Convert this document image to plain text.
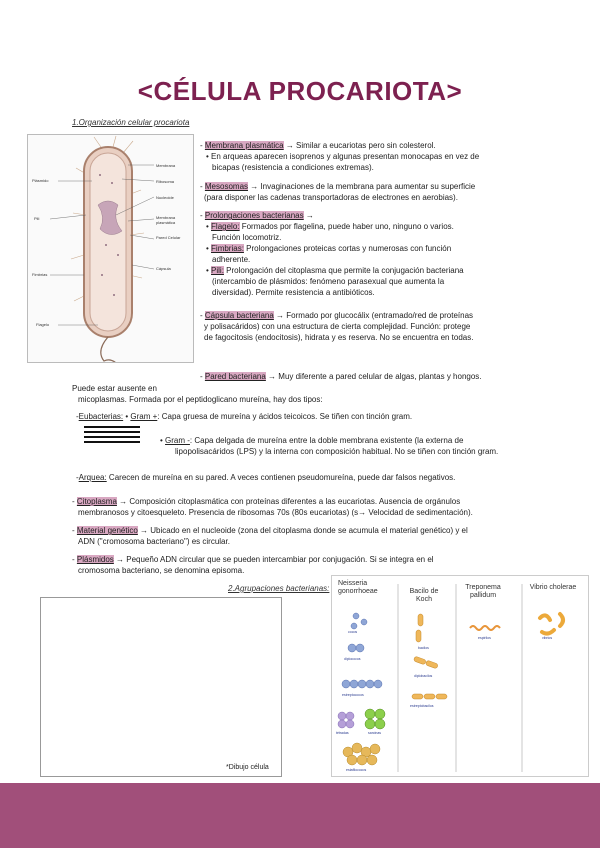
<CÉLULA PROCARIOTA>
1.Organización celular procariota
Membrana
Ribosoma
Nucleoide
Membrana plasmática
Pared Celular
Cápsula
Plásmido
Pili
Fimbrias
Flagelo
- Membrana plasmática → Similar a eucariotas pero sin colesterol.
• En arqueas aparecen isoprenos y algunas presentan monocapas en vez de
bicapas (resistencia a condiciones extremas).
- Mesosomas → Invaginaciones de la membrana para aumentar su superficie
(para disponer las cadenas transportadoras de electrones en aerobias).
- Prolongaciones bacterianas →
• Flagelo: Formados por flagelina, puede haber uno, ninguno o varios.
Función locomotriz.
• Fimbrias: Prolongaciones proteicas cortas y numerosas con función
adherente.
• Pili: Prolongación del citoplasma que permite la conjugación bacteriana
(intercambio de plásmidos: fenómeno parasexual que aumenta la
diversidad). Permite resistencia a antibióticos.
- Cápsula bacteriana → Formado por glucocálix (entramado/red de proteínas
y polisacáridos) con una estructura de cierta complejidad. Función: protege
de fagocitosis (endocitosis), hidrata y es reserva. No se encuentra en todas.
- Pared bacteriana → Muy diferente a pared celular de algas, plantas y hongos.
Puede estar ausente en
micoplasmas. Formada por el peptidoglicano mureína, hay dos tipos:
-Eubacterias: • Gram +: Capa gruesa de mureína y ácidos teicoicos. Se tiñen con tinción gram.
• Gram -: Capa delgada de mureína entre la doble membrana existente (la externa de
lipopolisacáridos (LPS) y la interna con composición habitual. No se tiñen con tinción gram.
-Arquea: Carecen de mureína en su pared. A veces contienen pseudomureína, puede dar falsos negativos.
- Citoplasma → Composición citoplasmática con proteínas diferentes a las eucariotas. Ausencia de orgánulos
membranosos y citoesqueleto. Presencia de ribosomas 70s (80s eucariotas) (s→ Velocidad de sedimentación).
- Material genético → Ubicado en el nucleoide (zona del citoplasma donde se acumula el material genético) y el
ADN ("cromosoma bacteriano") es circular.
- Plásmidos → Pequeño ADN circular que se pueden intercambiar por conjugación. Si se integra en el
cromosoma bacteriano, se denomina episoma.
2.Agrupaciones bacterianas:
*Dibujo célula
Neisseria gonorrhoeae	Bacilo de Koch
Treponema pallidum
Vibrio cholerae
cocos
diplococos
estreptococos
tétradas	sarcinas
estafilococos
bacilos
diplobacilos
estreptobacilos
espirilos	vibrios
